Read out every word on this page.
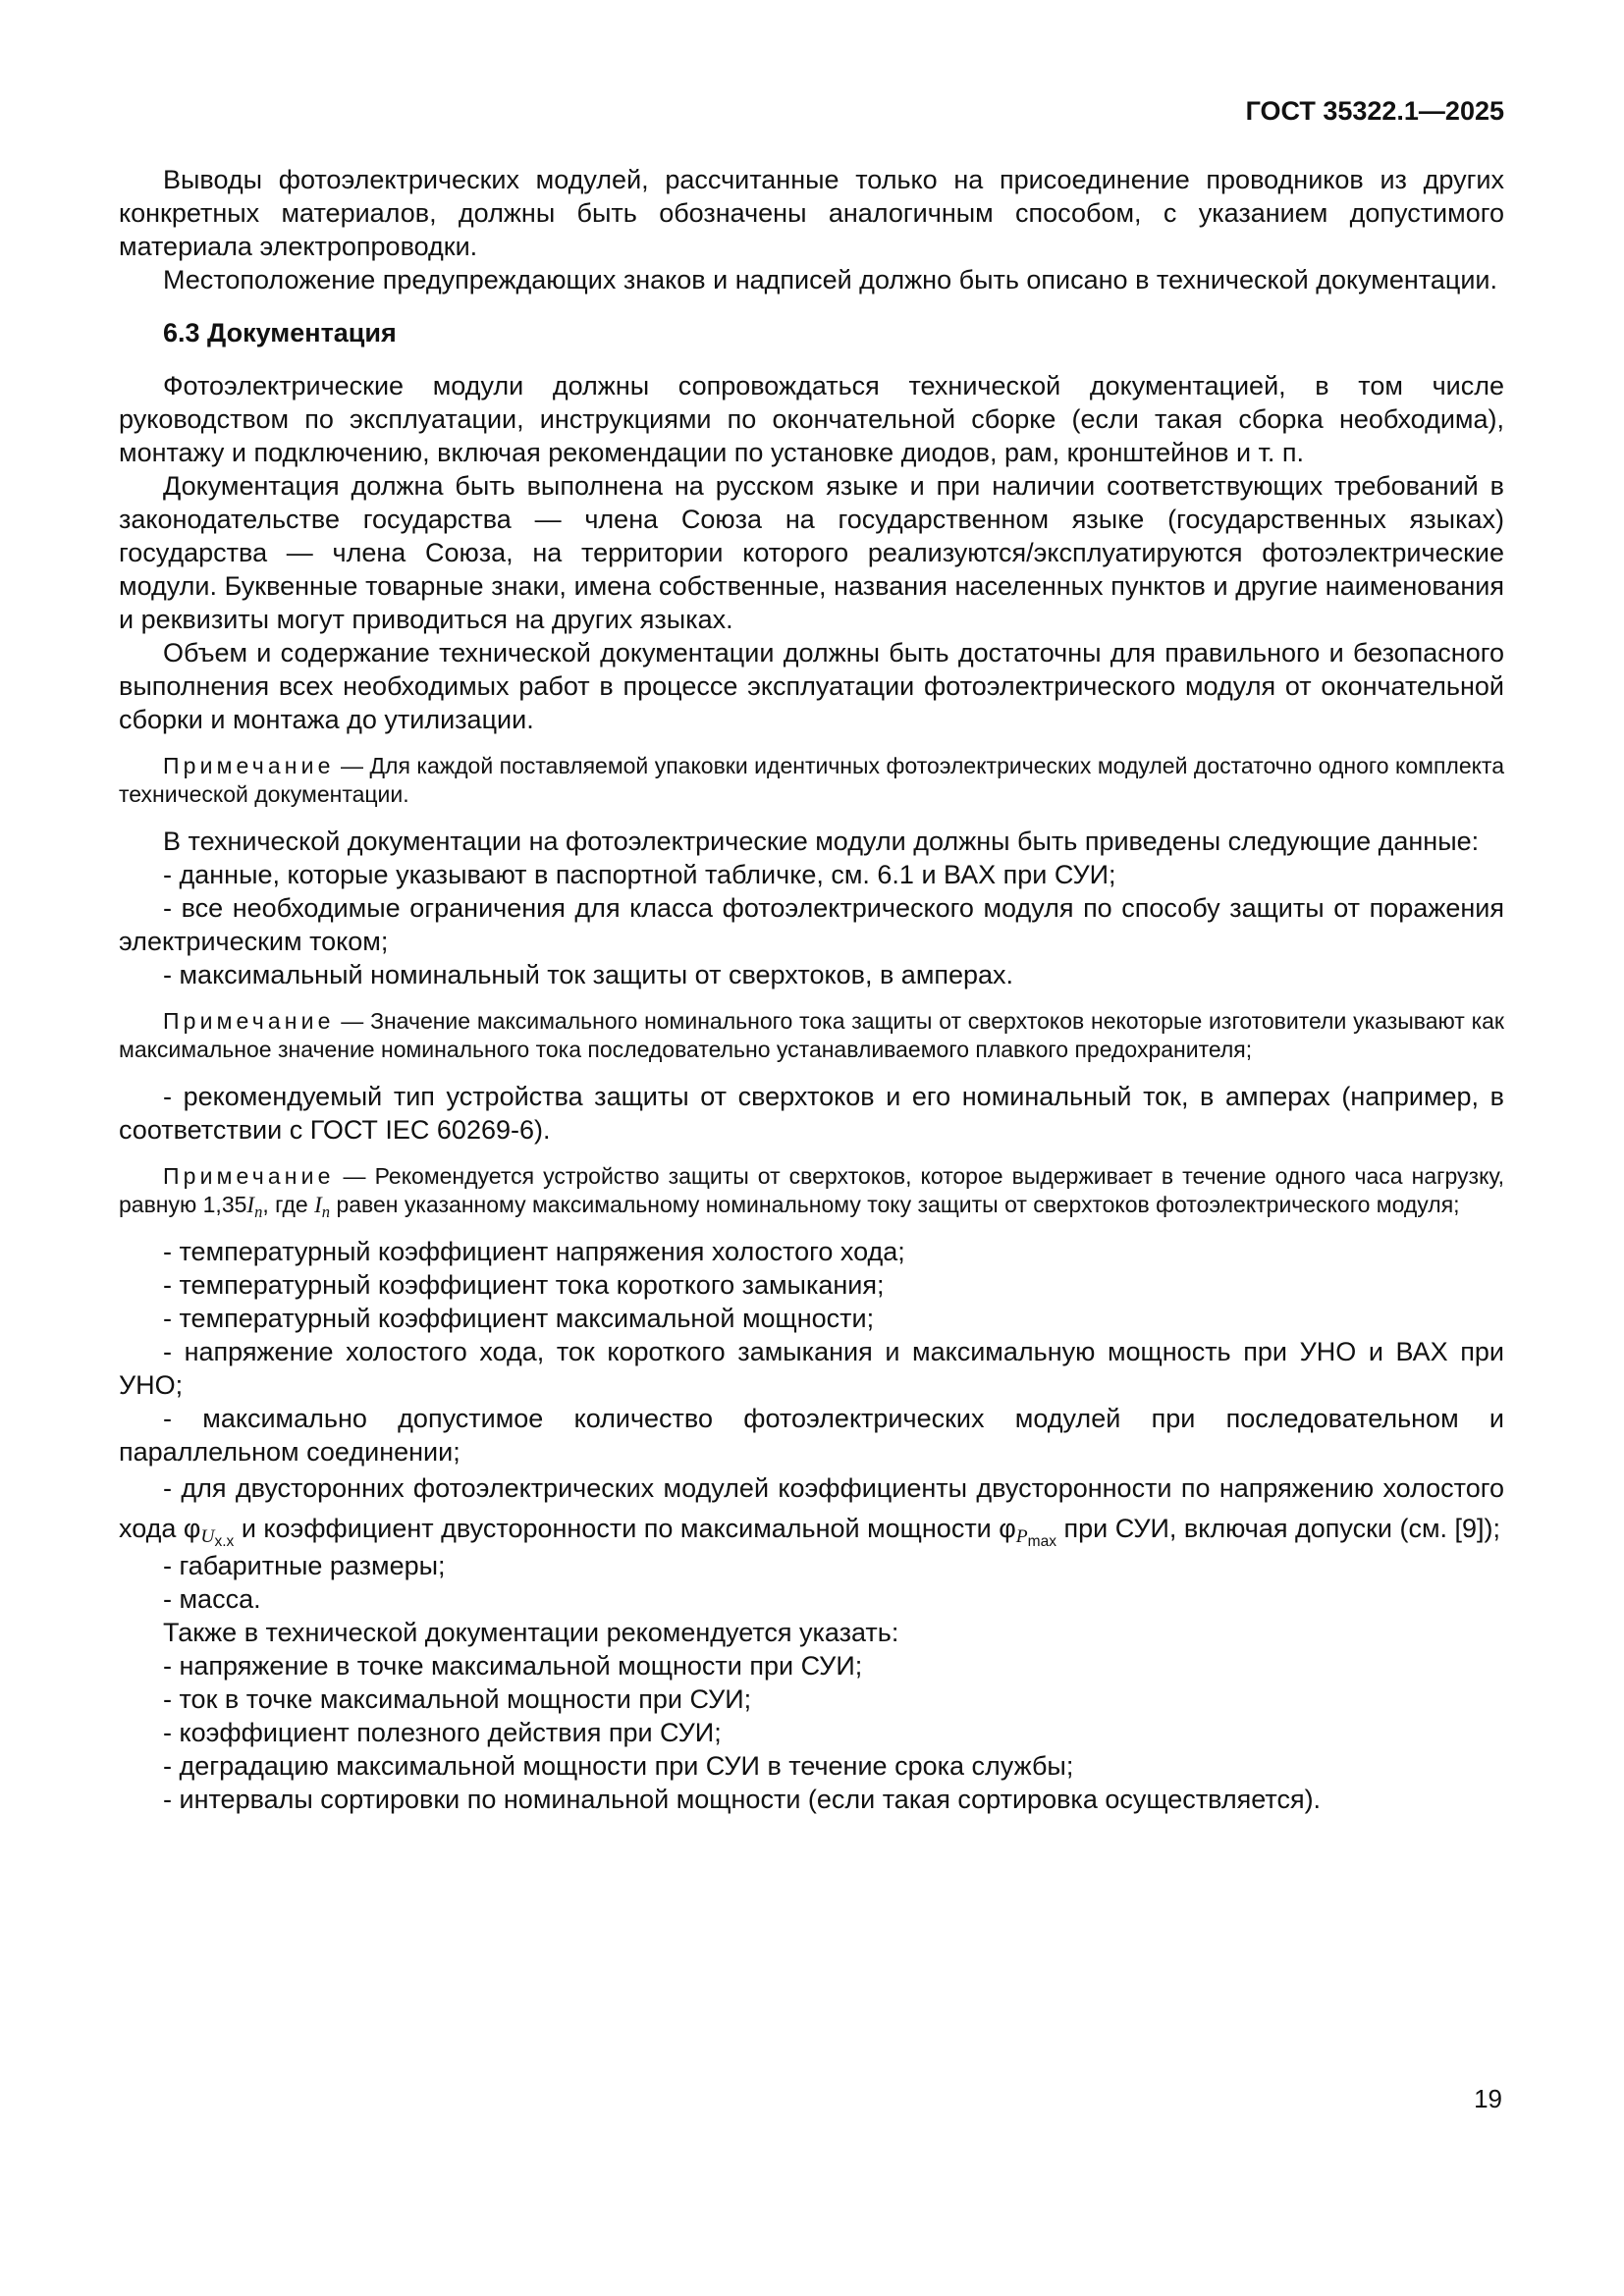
ГОСТ 35322.1—2025

Выводы фотоэлектрических модулей, рассчитанные только на присоединение проводников из других конкретных материалов, должны быть обозначены аналогичным способом, с указанием допустимого материала электропроводки.

Местоположение предупреждающих знаков и надписей должно быть описано в технической документации.

6.3 Документация

Фотоэлектрические модули должны сопровождаться технической документацией, в том числе руководством по эксплуатации, инструкциями по окончательной сборке (если такая сборка необходима), монтажу и подключению, включая рекомендации по установке диодов, рам, кронштейнов и т. п.

Документация должна быть выполнена на русском языке и при наличии соответствующих требований в законодательстве государства — члена Союза на государственном языке (государственных языках) государства — члена Союза, на территории которого реализуются/эксплуатируются фотоэлектрические модули. Буквенные товарные знаки, имена собственные, названия населенных пунктов и другие наименования и реквизиты могут приводиться на других языках.

Объем и содержание технической документации должны быть достаточны для правильного и безопасного выполнения всех необходимых работ в процессе эксплуатации фотоэлектрического модуля от окончательной сборки и монтажа до утилизации.

Примечание — Для каждой поставляемой упаковки идентичных фотоэлектрических модулей достаточно одного комплекта технической документации.

В технической документации на фотоэлектрические модули должны быть приведены следующие данные:

- данные, которые указывают в паспортной табличке, см. 6.1 и ВАХ при СУИ;

- все необходимые ограничения для класса фотоэлектрического модуля по способу защиты от поражения электрическим током;

- максимальный номинальный ток защиты от сверхтоков, в амперах.

Примечание — Значение максимального номинального тока защиты от сверхтоков некоторые изготовители указывают как максимальное значение номинального тока последовательно устанавливаемого плавкого предохранителя;

- рекомендуемый тип устройства защиты от сверхтоков и его номинальный ток, в амперах (например, в соответствии с ГОСТ IEC 60269-6).

Примечание — Рекомендуется устройство защиты от сверхтоков, которое выдерживает в течение одного часа нагрузку, равную $1,35I_n$, где $I_n$ равен указанному максимальному номинальному току защиты от сверхтоков фотоэлектрического модуля;

- температурный коэффициент напряжения холостого хода;

- температурный коэффициент тока короткого замыкания;

- температурный коэффициент максимальной мощности;

- напряжение холостого хода, ток короткого замыкания и максимальную мощность при УНО и ВАХ при УНО;

- максимально допустимое количество фотоэлектрических модулей при последовательном и параллельном соединении;

- для двусторонних фотоэлектрических модулей коэффициенты двусторонности по напряжению холостого хода $\varphi_{Uх.х}$ и коэффициент двусторонности по максимальной мощности $\varphi_{Pmax}$ при СУИ, включая допуски (см. [9]);

- габаритные размеры;

- масса.

Также в технической документации рекомендуется указать:

- напряжение в точке максимальной мощности при СУИ;

- ток в точке максимальной мощности при СУИ;

- коэффициент полезного действия при СУИ;

- деградацию максимальной мощности при СУИ в течение срока службы;

- интервалы сортировки по номинальной мощности (если такая сортировка осуществляется).

19
